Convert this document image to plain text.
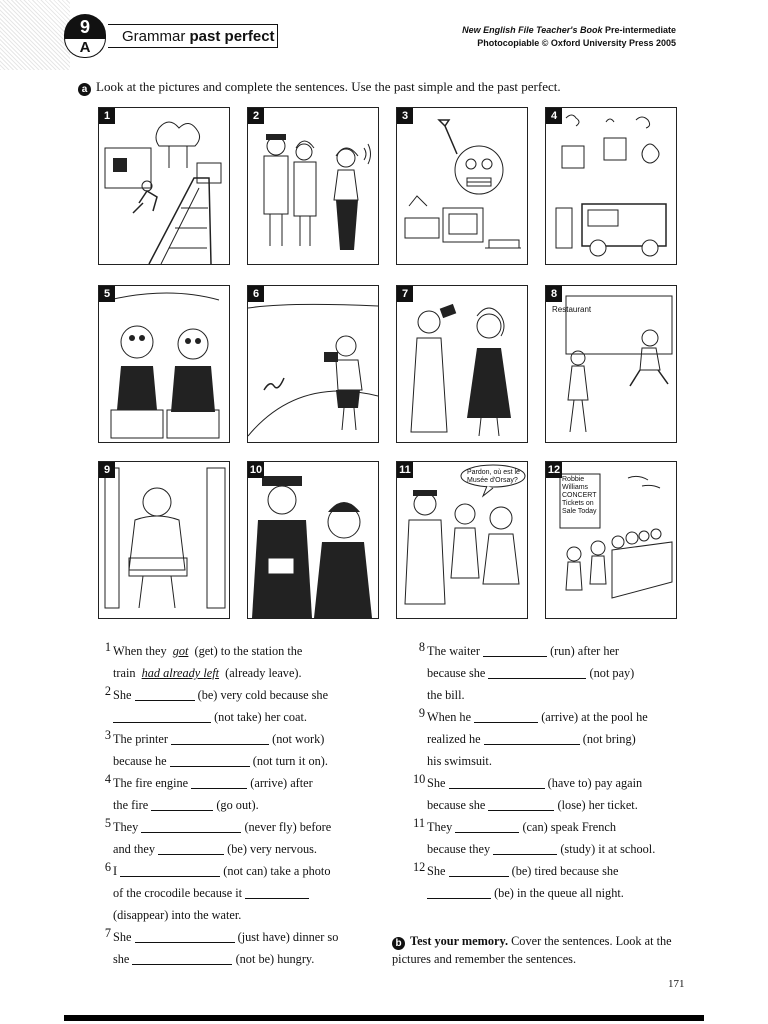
9
A
Grammar past perfect	New English File Teacher's Book Pre-intermediate
Photocopiable © Oxford University Press 2005
a Look at the pictures and complete the sentences. Use the past simple and the past perfect.
1	2	3	4
5	6	7
Restaurant
8
9	10	Pardon, où est le Musée d'Orsay?
11
Robbie Williams CONCERT Tickets on Sale Today
12
1 When they got (get) to the station the
train had already left (already leave).
2 She	(be) very cold because she
(not take) her coat.
3 The printer	(not work)
because he	(not turn it on).
4 The fire engine	(arrive) after
the fire	(go out).
5 They	(never fly) before
and they	(be) very nervous.
6 I	(not can) take a photo
of the crocodile because it
(disappear) into the water.
7 She	(just have) dinner so
she	(not be) hungry.
8 The waiter	(run) after her
because she	(not pay)
the bill.
9 When he	(arrive) at the pool he
realized he	(not bring)
his swimsuit.
10 She	(have to) pay again
because she	(lose) her ticket.
11 They	(can) speak French
because they	(study) it at school.
12 She	(be) tired because she
(be) in the queue all night.
b Test your memory. Cover the sentences. Look at the pictures and remember the sentences.
171
